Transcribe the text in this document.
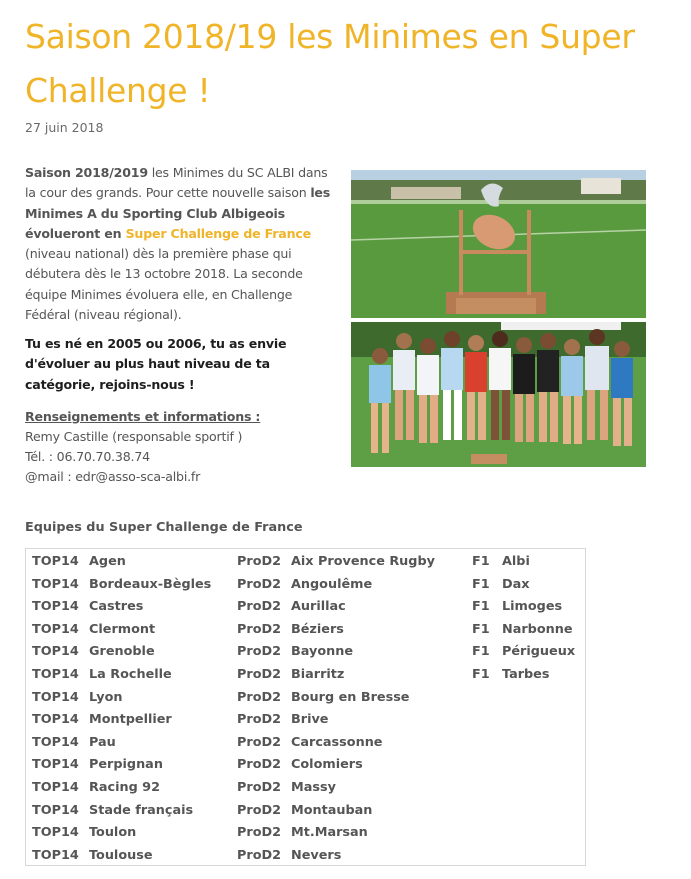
Saison 2018/19 les Minimes en Super Challenge !
27 juin 2018
Saison 2018/2019 les Minimes du SC ALBI dans la cour des grands. Pour cette nouvelle saison les Minimes A du Sporting Club Albigeois évolueront en Super Challenge de France (niveau national) dès la première phase qui débutera dès le 13 octobre 2018. La seconde équipe Minimes évoluera elle, en Challenge Fédéral (niveau régional).
Tu es né en 2005 ou 2006, tu as envie d'évoluer au plus haut niveau de ta catégorie, rejoins-nous !
Renseignements et informations :
Remy Castille (responsable sportif )
Tél. : 06.70.70.38.74
@mail : edr@asso-sca-albi.fr
Equipes du Super Challenge de France
TOP14 Agen
TOP14 Bordeaux-Bègles
TOP14 Castres
TOP14 Clermont
TOP14 Grenoble
TOP14 La Rochelle
TOP14 Lyon
TOP14 Montpellier
TOP14 Pau
TOP14 Perpignan
TOP14 Racing 92
TOP14 Stade français
TOP14 Toulon
TOP14 Toulouse
ProD2 Aix Provence Rugby
ProD2 Angoulême
ProD2 Aurillac
ProD2 Béziers
ProD2 Bayonne
ProD2 Biarritz
ProD2 Bourg en Bresse
ProD2 Brive
ProD2 Carcassonne
ProD2 Colomiers
ProD2 Massy
ProD2 Montauban
ProD2 Mt.Marsan
ProD2 Nevers
F1 Albi
F1 Dax
F1 Limoges
F1 Narbonne
F1 Périgueux
F1 Tarbes
